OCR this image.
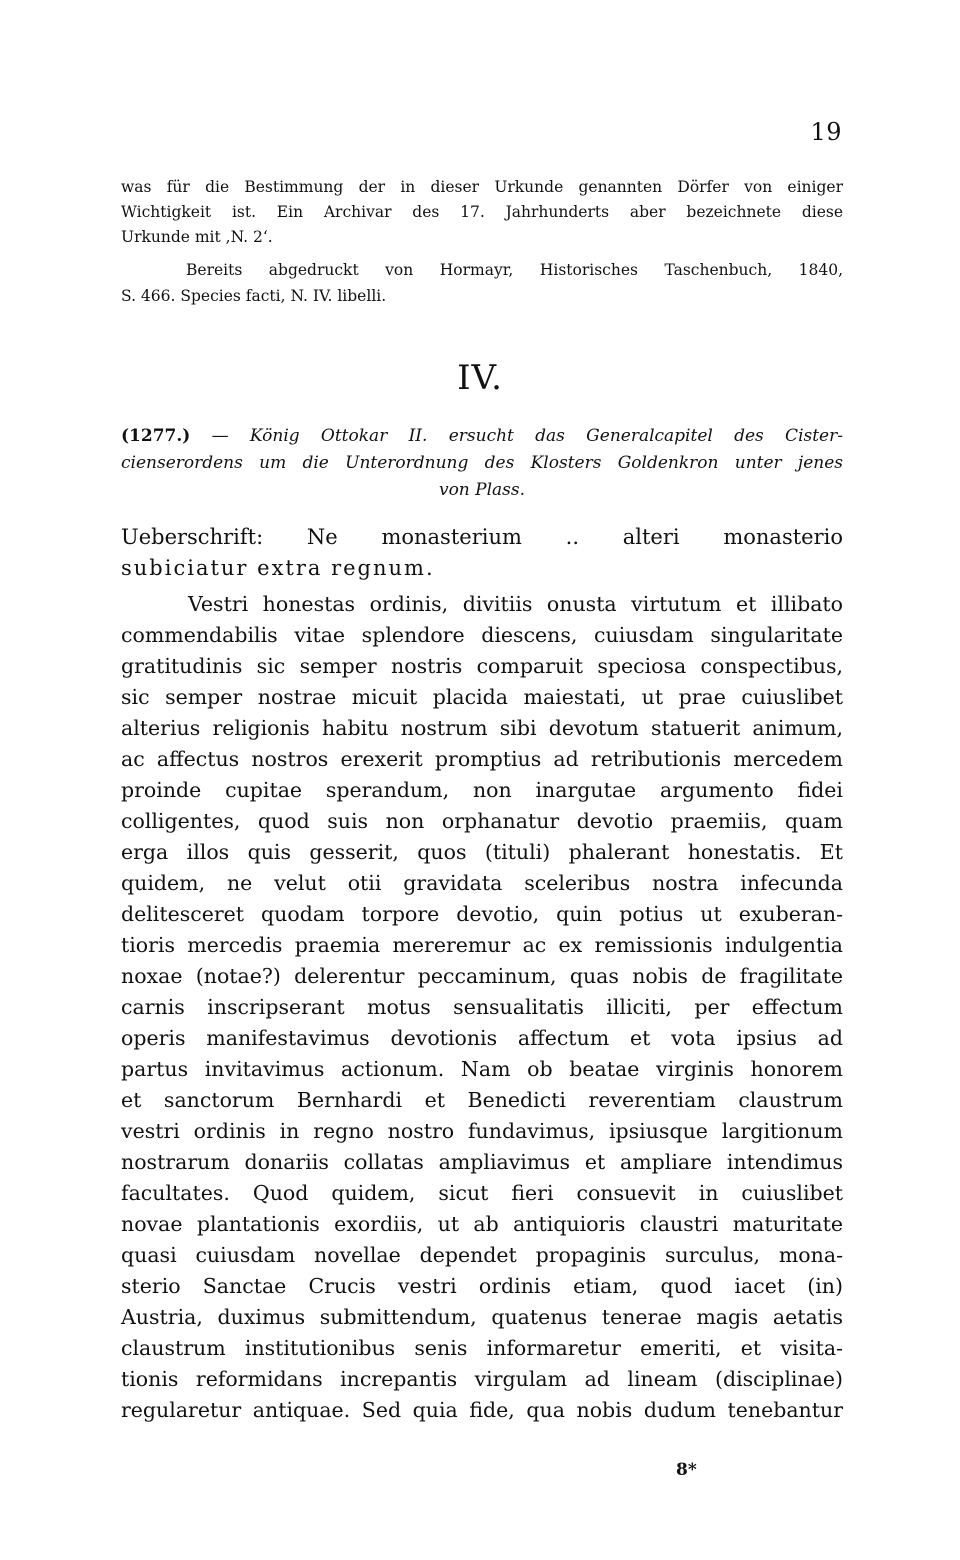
19
was für die Bestimmung der in dieser Urkunde genannten Dörfer von einiger
Wichtigkeit ist. Ein Archivar des 17. Jahrhunderts aber bezeichnete diese
Urkunde mit ,N. 2‘.
Bereits abgedruckt von Hormayr, Historisches Taschenbuch, 1840,
S. 466. Species facti, N. IV. libelli.
IV.
(1277.) — König Ottokar II. ersucht das Generalcapitel des Cister-
cienserordens um die Unterordnung des Klosters Goldenkron unter jenes
von Plass.
Ueberschrift: Ne monasterium .. alteri monasterio
subiciatur extra regnum.
Vestri honestas ordinis, divitiis onusta virtutum et illibato
commendabilis vitae splendore diescens, cuiusdam singularitate
gratitudinis sic semper nostris comparuit speciosa conspectibus,
sic semper nostrae micuit placida maiestati, ut prae cuiuslibet
alterius religionis habitu nostrum sibi devotum statuerit animum,
ac affectus nostros erexerit promptius ad retributionis mercedem
proinde cupitae sperandum, non inargutae argumento fidei
colligentes, quod suis non orphanatur devotio praemiis, quam
erga illos quis gesserit, quos (tituli) phalerant honestatis. Et
quidem, ne velut otii gravidata sceleribus nostra infecunda
delitesceret quodam torpore devotio, quin potius ut exuberan-
tioris mercedis praemia mereremur ac ex remissionis indulgentia
noxae (notae?) delerentur peccaminum, quas nobis de fragilitate
carnis inscripserant motus sensualitatis illiciti, per effectum
operis manifestavimus devotionis affectum et vota ipsius ad
partus invitavimus actionum. Nam ob beatae virginis honorem
et sanctorum Bernhardi et Benedicti reverentiam claustrum
vestri ordinis in regno nostro fundavimus, ipsiusque largitionum
nostrarum donariis collatas ampliavimus et ampliare intendimus
facultates. Quod quidem, sicut fieri consuevit in cuiuslibet
novae plantationis exordiis, ut ab antiquioris claustri maturitate
quasi cuiusdam novellae dependet propaginis surculus, mona-
sterio Sanctae Crucis vestri ordinis etiam, quod iacet (in)
Austria, duximus submittendum, quatenus tenerae magis aetatis
claustrum institutionibus senis informaretur emeriti, et visita-
tionis reformidans increpantis virgulam ad lineam (disciplinae)
regularetur antiquae. Sed quia fide, qua nobis dudum tenebantur
8*
